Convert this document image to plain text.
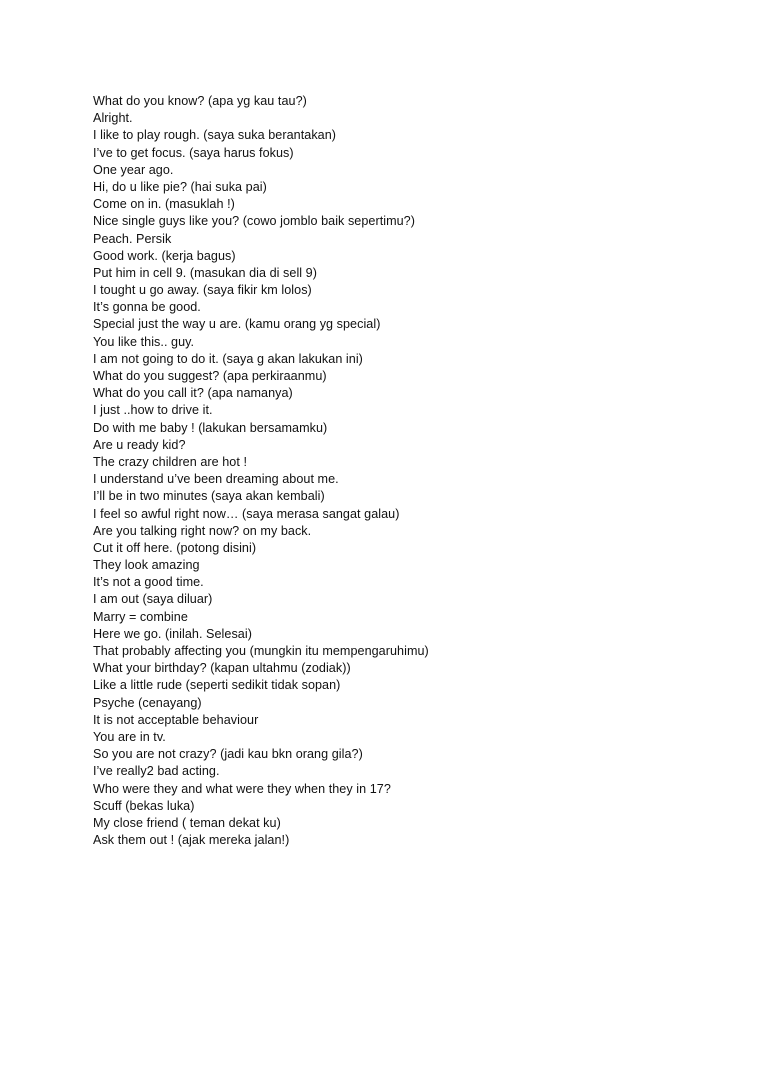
What do you know? (apa yg kau tau?)
Alright.
I like to play rough. (saya suka berantakan)
I’ve to get focus. (saya harus fokus)
One year ago.
Hi, do u like pie? (hai suka pai)
Come on in. (masuklah !)
Nice single guys like you? (cowo jomblo baik sepertimu?)
Peach. Persik
Good work. (kerja bagus)
Put him in cell 9. (masukan dia di sell 9)
I tought u go away. (saya fikir km lolos)
It’s gonna be good.
Special just the way u are. (kamu orang yg special)
You like this.. guy.
I am not going to do it. (saya g akan lakukan ini)
What do you suggest? (apa perkiraanmu)
What do you call it? (apa namanya)
I just ..how to drive it.
Do with me baby ! (lakukan bersamamku)
Are u ready kid?
The crazy children are hot !
I understand u’ve been dreaming about me.
I’ll be in two minutes (saya akan kembali)
I feel so awful right now… (saya merasa sangat galau)
Are you talking right now? on my back.
Cut it off here. (potong disini)
They look amazing
It’s not a good time.
I am out (saya diluar)
Marry = combine
Here we go. (inilah. Selesai)
That probably affecting you (mungkin itu mempengaruhimu)
What your birthday? (kapan ultahmu (zodiak))
Like a little rude (seperti sedikit tidak sopan)
Psyche (cenayang)
It is not acceptable behaviour
You are in tv.
So you are not crazy? (jadi kau bkn orang gila?)
I’ve really2 bad acting.
Who were they and what were they when they in 17?
Scuff (bekas luka)
My close friend ( teman dekat ku)
Ask them out ! (ajak mereka jalan!)
